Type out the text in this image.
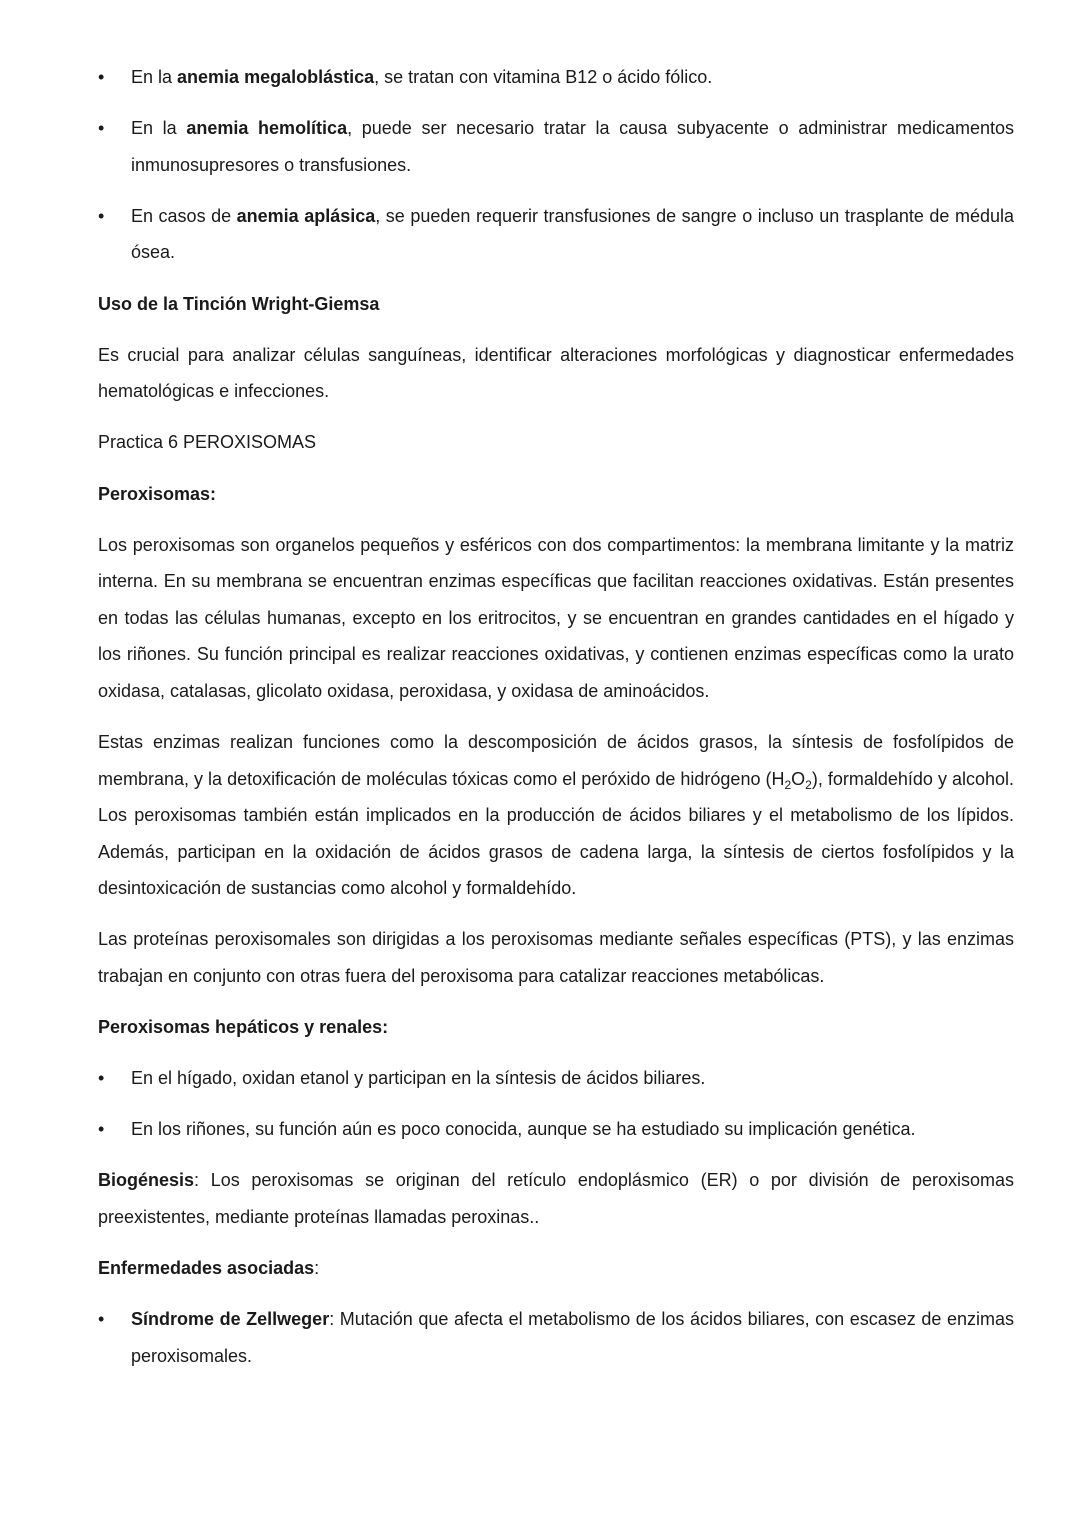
• En la anemia megaloblástica, se tratan con vitamina B12 o ácido fólico.
• En la anemia hemolítica, puede ser necesario tratar la causa subyacente o administrar medicamentos inmunosupresores o transfusiones.
• En casos de anemia aplásica, se pueden requerir transfusiones de sangre o incluso un trasplante de médula ósea.
Uso de la Tinción Wright-Giemsa
Es crucial para analizar células sanguíneas, identificar alteraciones morfológicas y diagnosticar enfermedades hematológicas e infecciones.
Practica 6 PEROXISOMAS
Peroxisomas:
Los peroxisomas son organelos pequeños y esféricos con dos compartimentos: la membrana limitante y la matriz interna. En su membrana se encuentran enzimas específicas que facilitan reacciones oxidativas. Están presentes en todas las células humanas, excepto en los eritrocitos, y se encuentran en grandes cantidades en el hígado y los riñones. Su función principal es realizar reacciones oxidativas, y contienen enzimas específicas como la urato oxidasa, catalasas, glicolato oxidasa, peroxidasa, y oxidasa de aminoácidos.
Estas enzimas realizan funciones como la descomposición de ácidos grasos, la síntesis de fosfolípidos de membrana, y la detoxificación de moléculas tóxicas como el peróxido de hidrógeno $(H_2O_2)$, formaldehído y alcohol. Los peroxisomas también están implicados en la producción de ácidos biliares y el metabolismo de los lípidos. Además, participan en la oxidación de ácidos grasos de cadena larga, la síntesis de ciertos fosfolípidos y la desintoxicación de sustancias como alcohol y formaldehído.
Las proteínas peroxisomales son dirigidas a los peroxisomas mediante señales específicas (PTS), y las enzimas trabajan en conjunto con otras fuera del peroxisoma para catalizar reacciones metabólicas.
Peroxisomas hepáticos y renales:
• En el hígado, oxidan etanol y participan en la síntesis de ácidos biliares.
• En los riñones, su función aún es poco conocida, aunque se ha estudiado su implicación genética.
Biogénesis: Los peroxisomas se originan del retículo endoplásmico (ER) o por división de peroxisomas preexistentes, mediante proteínas llamadas peroxinas..
Enfermedades asociadas:
• Síndrome de Zellweger: Mutación que afecta el metabolismo de los ácidos biliares, con escasez de enzimas peroxisomales.
